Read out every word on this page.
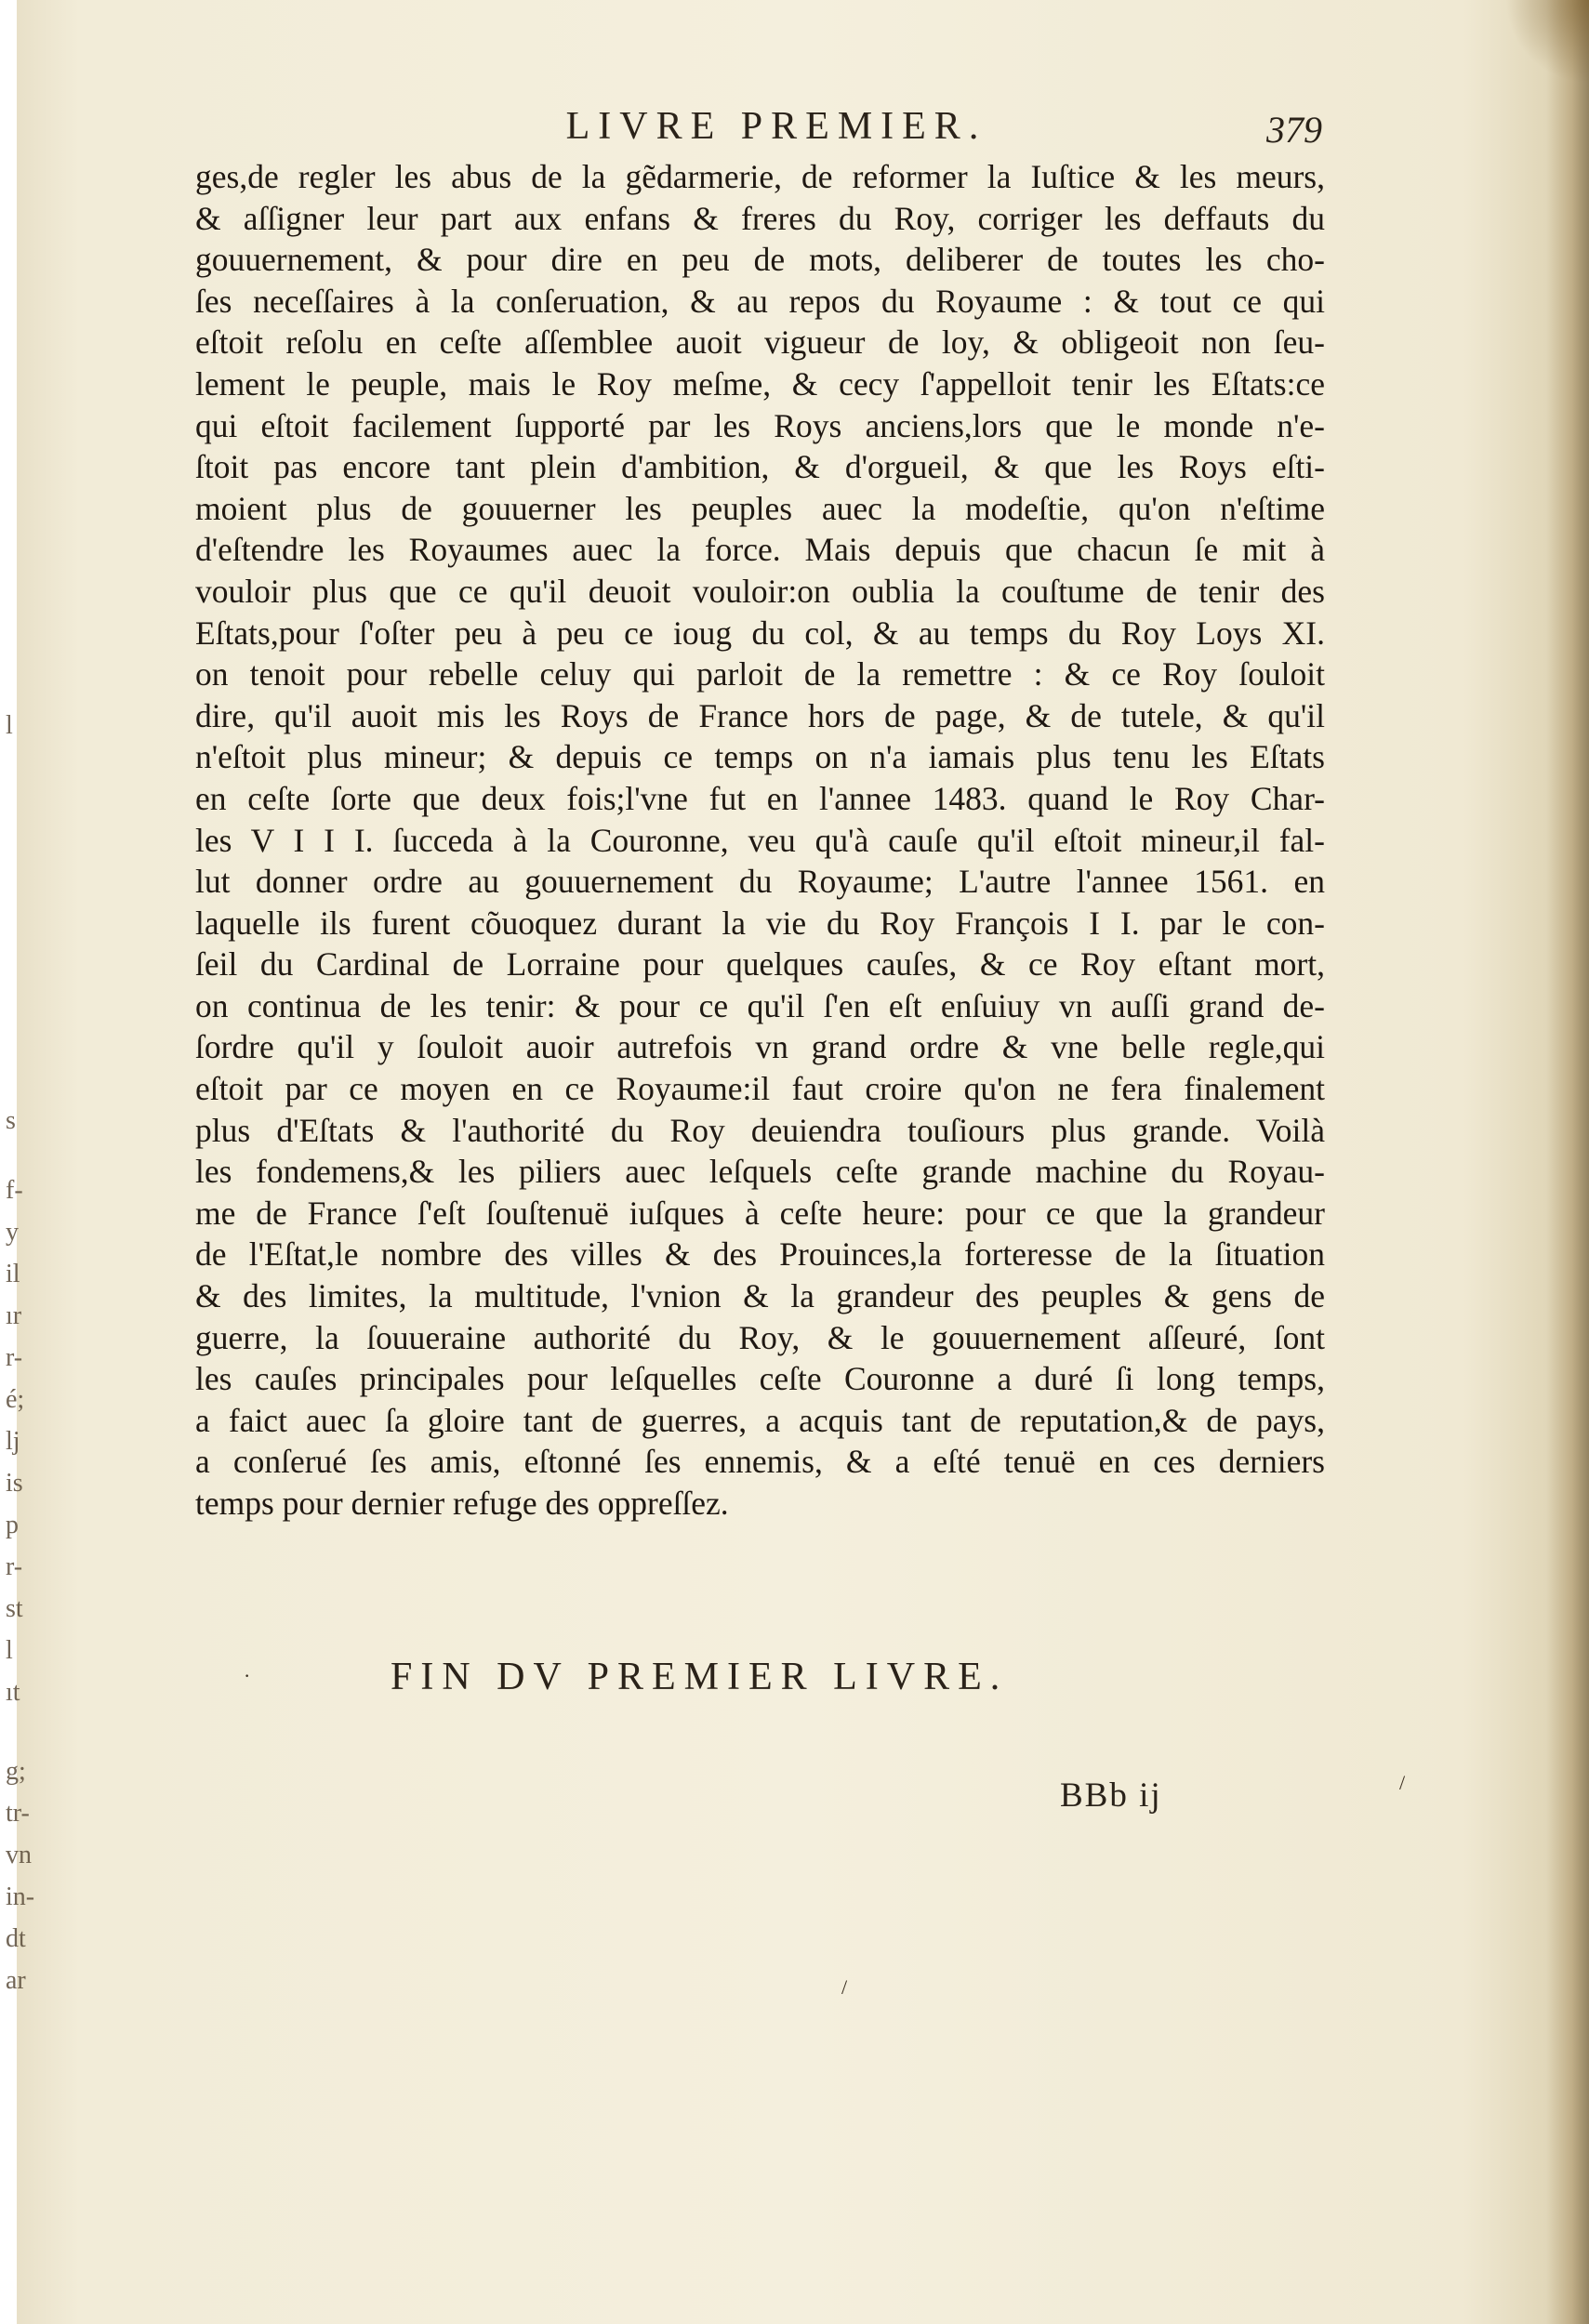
l
s
f-
y
il
ır
r-
é;
lj
is
p
r-
st
l
ıt
g;
tr-
vn
in-
dt
ar
LIVRE PREMIER.	379
ges,de regler les abus de la gẽdarmerie, de reformer la Iuſtice & les meurs,
& aſſigner leur part aux enfans & freres du Roy, corriger les deffauts du
gouuernement, & pour dire en peu de mots, deliberer de toutes les cho-
ſes neceſſaires à la conſeruation, & au repos du Royaume : & tout ce qui
eſtoit reſolu en ceſte aſſemblee auoit vigueur de loy, & obligeoit non ſeu-
lement le peuple, mais le Roy meſme, & cecy ſ'appelloit tenir les Eſtats:ce
qui eſtoit facilement ſupporté par les Roys anciens,lors que le monde n'e-
ſtoit pas encore tant plein d'ambition, & d'orgueil, & que les Roys eſti-
moient plus de gouuerner les peuples auec la modeſtie, qu'on n'eſtime
d'eſtendre les Royaumes auec la force. Mais depuis que chacun ſe mit à
vouloir plus que ce qu'il deuoit vouloir:on oublia la couſtume de tenir des
Eſtats,pour ſ'oſter peu à peu ce ioug du col, & au temps du Roy Loys XI.
on tenoit pour rebelle celuy qui parloit de la remettre : & ce Roy ſouloit
dire, qu'il auoit mis les Roys de France hors de page, & de tutele, & qu'il
n'eſtoit plus mineur; & depuis ce temps on n'a iamais plus tenu les Eſtats
en ceſte ſorte que deux fois;l'vne fut en l'annee 1483. quand le Roy Char-
les V I I I. ſucceda à la Couronne, veu qu'à cauſe qu'il eſtoit mineur,il fal-
lut donner ordre au gouuernement du Royaume; L'autre l'annee 1561. en
laquelle ils furent cõuoquez durant la vie du Roy François I I. par le con-
ſeil du Cardinal de Lorraine pour quelques cauſes, & ce Roy eſtant mort,
on continua de les tenir: & pour ce qu'il ſ'en eſt enſuiuy vn auſſi grand de-
ſordre qu'il y ſouloit auoir autrefois vn grand ordre & vne belle regle,qui
eſtoit par ce moyen en ce Royaume:il faut croire qu'on ne fera finalement
plus d'Eſtats & l'authorité du Roy deuiendra touſiours plus grande. Voilà
les fondemens,& les piliers auec leſquels ceſte grande machine du Royau-
me de France ſ'eſt ſouſtenuë iuſques à ceſte heure: pour ce que la grandeur
de l'Eſtat,le nombre des villes & des Prouinces,la forteresse de la ſituation
& des limites, la multitude, l'vnion & la grandeur des peuples & gens de
guerre, la ſouueraine authorité du Roy, & le gouuernement aſſeuré, ſont
les cauſes principales pour leſquelles ceſte Couronne a duré ſi long temps,
a faict auec ſa gloire tant de guerres, a acquis tant de reputation,& de pays,
a conſerué ſes amis, eſtonné ſes ennemis, & a eſté tenuë en ces derniers
temps pour dernier refuge des oppreſſez.
FIN DV PREMIER LIVRE.
BBb ij
·
/
/
